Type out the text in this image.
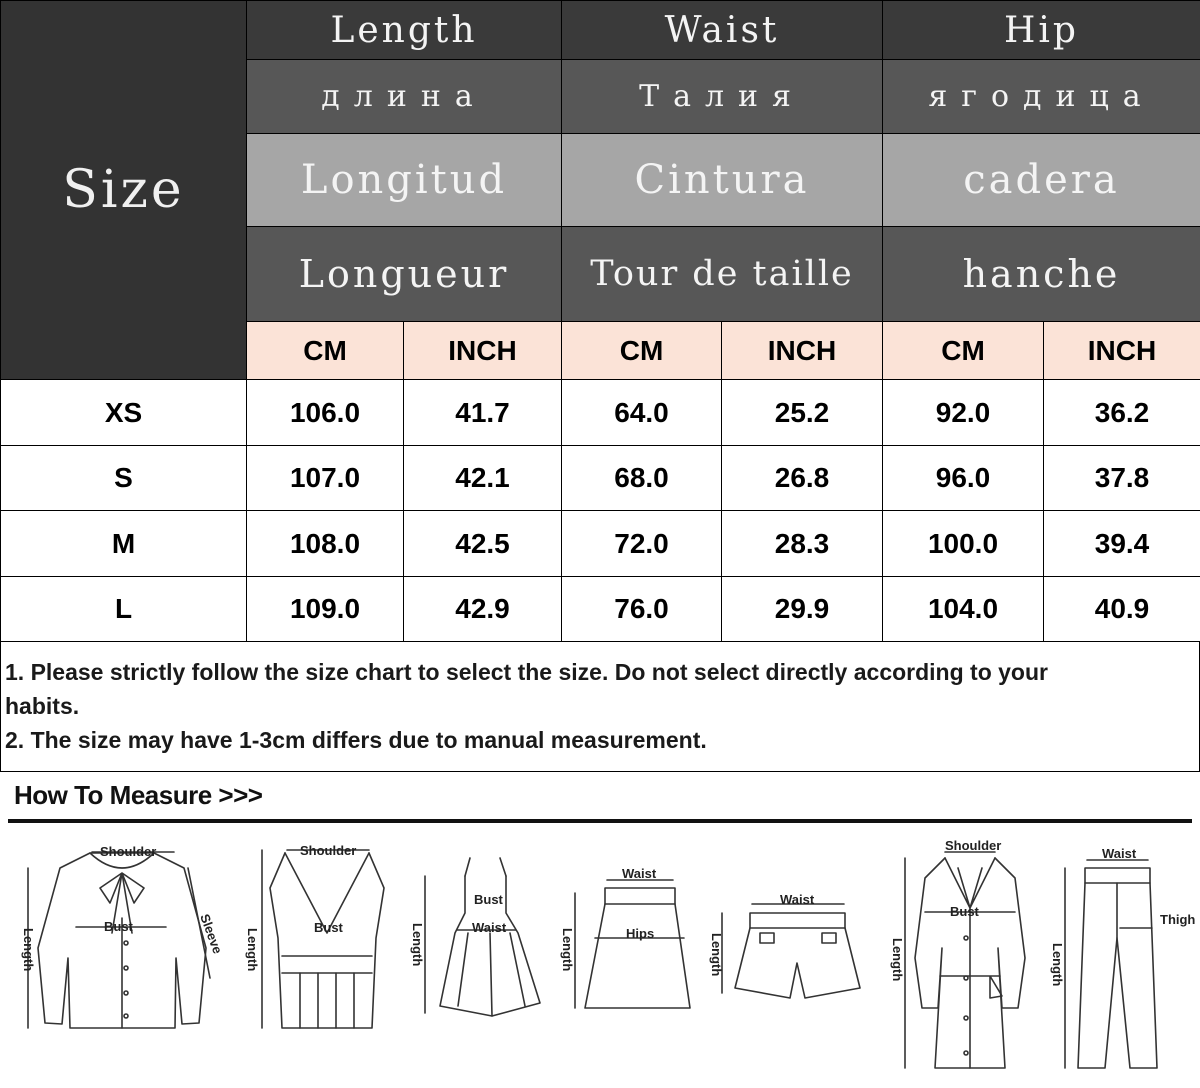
Size
Length	Waist	Hip
длина	Талия	ягодица
Longitud	Cintura	cadera
Longueur	Tour de taille	hanche
CM	INCH	CM	INCH	CM	INCH
XS	106.0	41.7	64.0	25.2	92.0	36.2
S	107.0	42.1	68.0	26.8	96.0	37.8
M	108.0	42.5	72.0	28.3	100.0	39.4
L	109.0	42.9	76.0	29.9	104.0	40.9
1. Please strictly follow the size chart to select the size. Do not select directly according to your
habits.
2. The size may have 1-3cm differs due to manual measurement.
How To Measure >>>
Shoulder
Bust
Length	Sleeve
Shoulder
Bust
Length
Bust
Waist
Length
Waist
Hips
Length
Waist
Length
Shoulder
Bust
Length
Waist
Thigh
Length
